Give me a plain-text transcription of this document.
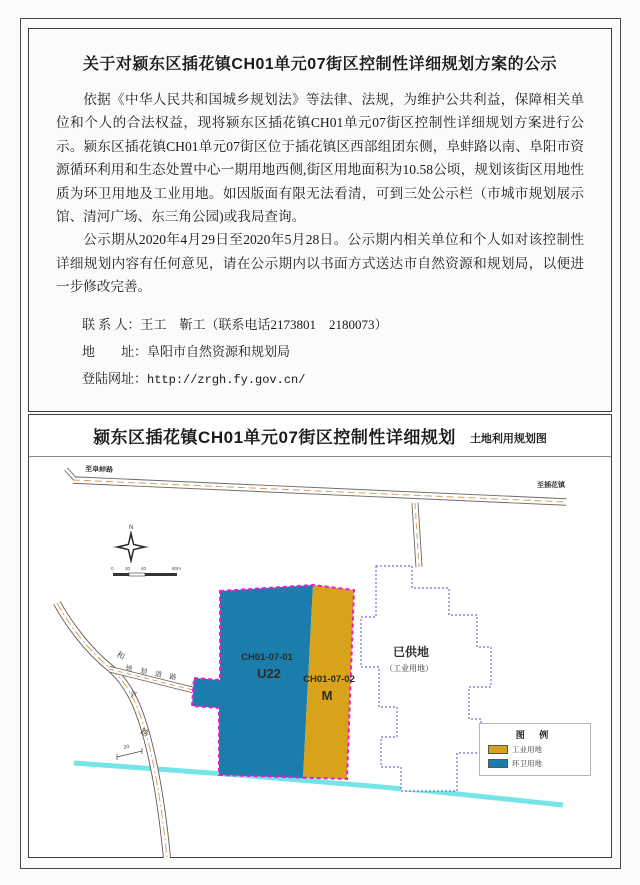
关于对颍东区插花镇CH01单元07街区控制性详细规划方案的公示

依据《中华人民共和国城乡规划法》等法律、法规，为维护公共利益，保障相关单位和个人的合法权益，现将颍东区插花镇CH01单元07街区控制性详细规划方案进行公示。颍东区插花镇CH01单元07街区位于插花镇区西部组团东侧，阜蚌路以南、阜阳市资源循环利用和生态处置中心一期用地西侧,街区用地面积为10.58公顷，规划该街区用地性质为环卫用地及工业用地。如因版面有限无法看清，可到三处公示栏（市城市规划展示馆、清河广场、东三角公园)或我局查询。

公示期从2020年4月29日至2020年5月28日。公示期内相关单位和个人如对该控制性详细规划内容有任何意见，请在公示期内以书面方式送达市自然资源和规划局，以便进一步修改完善。

联 系 人：王工　靳工（联系电话2173801　2180073）
地　　址：阜阳市自然资源和规划局
登陆网址：http://zrgh.fy.gov.cn/
颍东区插花镇CH01单元07街区控制性详细规划 土地利用规划图
N
0 20 40	80m
20
至阜蚌路
至插花镇
CH01-07-01
U22 CH01-07-02
M
已供地
（工业用地）
和
平
路
规划道路
图 例
工业用地
环卫用地
